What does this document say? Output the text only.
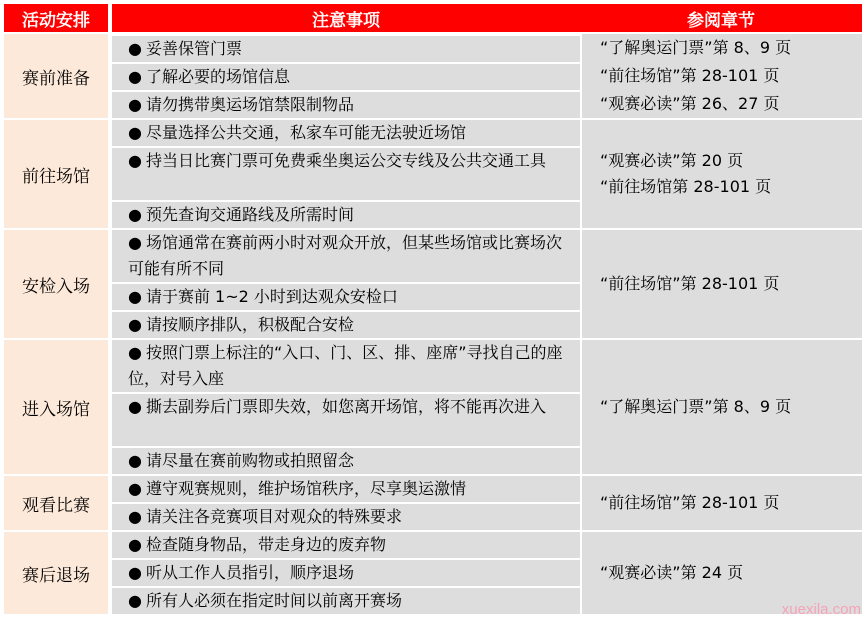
活动安排	注意事项	参阅章节
赛前准备
● 妥善保管门票
● 了解必要的场馆信息
● 请勿携带奥运场馆禁限制物品
“了解奥运门票”第 8、9 页
“前往场馆”第 28-101 页
“观赛必读”第 26、27 页
前往场馆
● 尽量选择公共交通，私家车可能无法驶近场馆
● 持当日比赛门票可免费乘坐奥运公交专线及公共交通工具
● 预先查询交通路线及所需时间
“观赛必读”第 20 页
“前往场馆第 28-101 页
安检入场
● 场馆通常在赛前两小时对观众开放，但某些场馆或比赛场次可能有所不同
● 请于赛前 1~2 小时到达观众安检口
● 请按顺序排队，积极配合安检
“前往场馆”第 28-101 页
进入场馆
● 按照门票上标注的“入口、门、区、排、座席”寻找自己的座位，对号入座
● 撕去副券后门票即失效，如您离开场馆，将不能再次进入
● 请尽量在赛前购物或拍照留念
“了解奥运门票”第 8、9 页
观看比赛
● 遵守观赛规则，维护场馆秩序，尽享奥运激情
● 请关注各竞赛项目对观众的特殊要求
“前往场馆”第 28-101 页
赛后退场
● 检查随身物品，带走身边的废弃物
● 听从工作人员指引，顺序退场
● 所有人必须在指定时间以前离开赛场
“观赛必读”第 24 页
xuexila.com
